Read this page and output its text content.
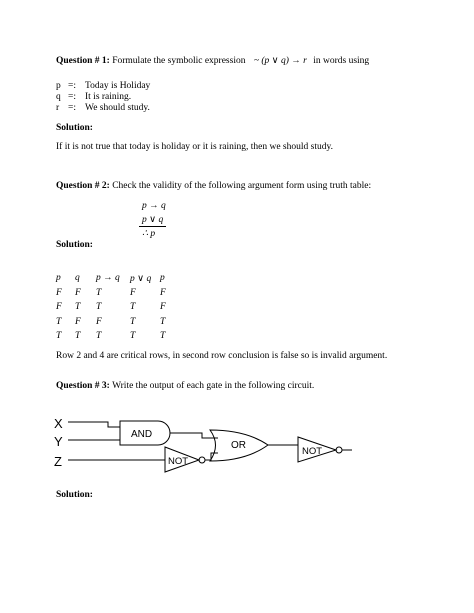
Question # 1: Formulate the symbolic expression ~ (p ∨ q) → r in words using
p =: Today is Holiday
q =: It is raining.
r =: We should study.
Solution:
If it is not true that today is holiday or it is raining, then we should study.
Question # 2: Check the validity of the following argument form using truth table:
p → q
p ∨ q
∴ p
Solution:
p	q	p → q	p ∨ q	p
F	F	T	F	F
F	T	T	T	F
T	F	F	T	T
T	T	T	T	T
Row 2 and 4 are critical rows, in second row conclusion is false so is invalid argument.
Question # 3: Write the output of each gate in the following circuit.
X
Y
Z
AND
OR
NOT
NOT
Solution:
